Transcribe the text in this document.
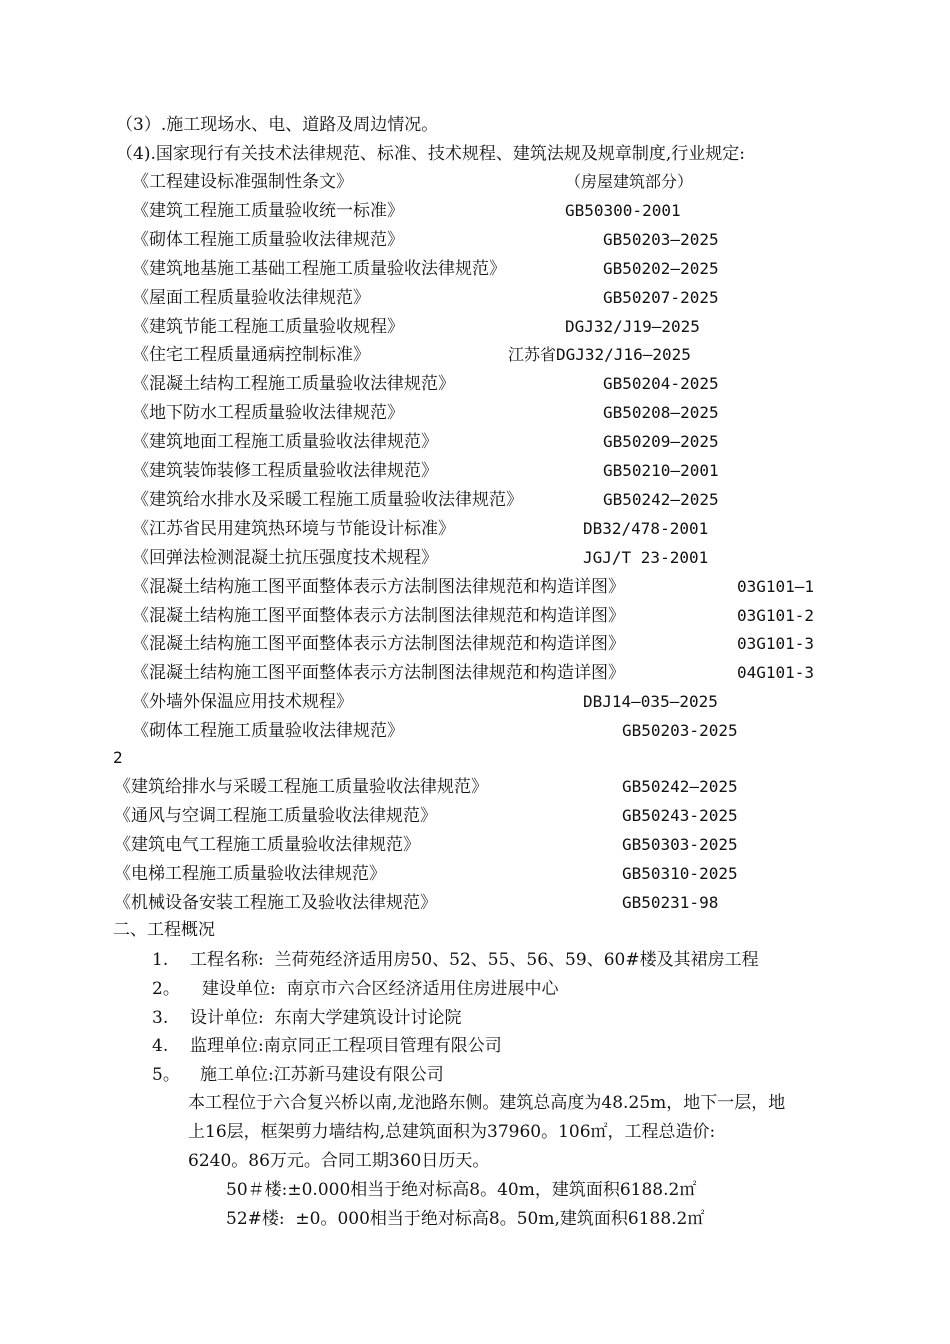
（3）.施工现场水、电、道路及周边情况。
（4).国家现行有关技术法律规范、标准、技术规程、建筑法规及规章制度,行业规定:
《工程建设标准强制性条文》	（房屋建筑部分）
《建筑工程施工质量验收统一标准》	GB50300-2001
《砌体工程施工质量验收法律规范》	GB50203—2025
《建筑地基施工基础工程施工质量验收法律规范》	GB50202—2025
《屋面工程质量验收法律规范》	GB50207-2025
《建筑节能工程施工质量验收规程》	DGJ32/J19—2025
《住宅工程质量通病控制标准》	江苏省DGJ32/J16—2025
《混凝土结构工程施工质量验收法律规范》	GB50204-2025
《地下防水工程质量验收法律规范》	GB50208—2025
《建筑地面工程施工质量验收法律规范》	GB50209—2025
《建筑装饰装修工程质量验收法律规范》	GB50210—2001
《建筑给水排水及采暖工程施工质量验收法律规范》	GB50242—2025
《江苏省民用建筑热环境与节能设计标准》	DB32/478-2001
《回弹法检测混凝土抗压强度技术规程》	JGJ/T 23-2001
《混凝土结构施工图平面整体表示方法制图法律规范和构造详图》	03G101—1
《混凝土结构施工图平面整体表示方法制图法律规范和构造详图》	03G101-2
《混凝土结构施工图平面整体表示方法制图法律规范和构造详图》	03G101-3
《混凝土结构施工图平面整体表示方法制图法律规范和构造详图》	04G101-3
《外墙外保温应用技术规程》	DBJ14—035—2025
《砌体工程施工质量验收法律规范》	GB50203-2025
2
《建筑给排水与采暖工程施工质量验收法律规范》	GB50242—2025
《通风与空调工程施工质量验收法律规范》	GB50243-2025
《建筑电气工程施工质量验收法律规范》	GB50303-2025
《电梯工程施工质量验收法律规范》	GB50310-2025
《机械设备安装工程施工及验收法律规范》	GB50231-98
二、工程概况
1. 工程名称:  兰荷苑经济适用房50、52、55、56、59、60#楼及其裙房工程
2。 建设单位:  南京市六合区经济适用住房进展中心
3. 设计单位:  东南大学建筑设计讨论院
4. 监理单位:南京同正工程项目管理有限公司
5。 施工单位:江苏新马建设有限公司
本工程位于六合复兴桥以南,龙池路东侧。建筑总高度为48.25m，地下一层，地
上16层，框架剪力墙结构,总建筑面积为37960。106㎡，工程总造价:
6240。86万元。合同工期360日历天。
50＃楼:±0.000相当于绝对标高8。40m，建筑面积6188.2㎡
52#楼:  ±0。000相当于绝对标高8。50m,建筑面积6188.2㎡
